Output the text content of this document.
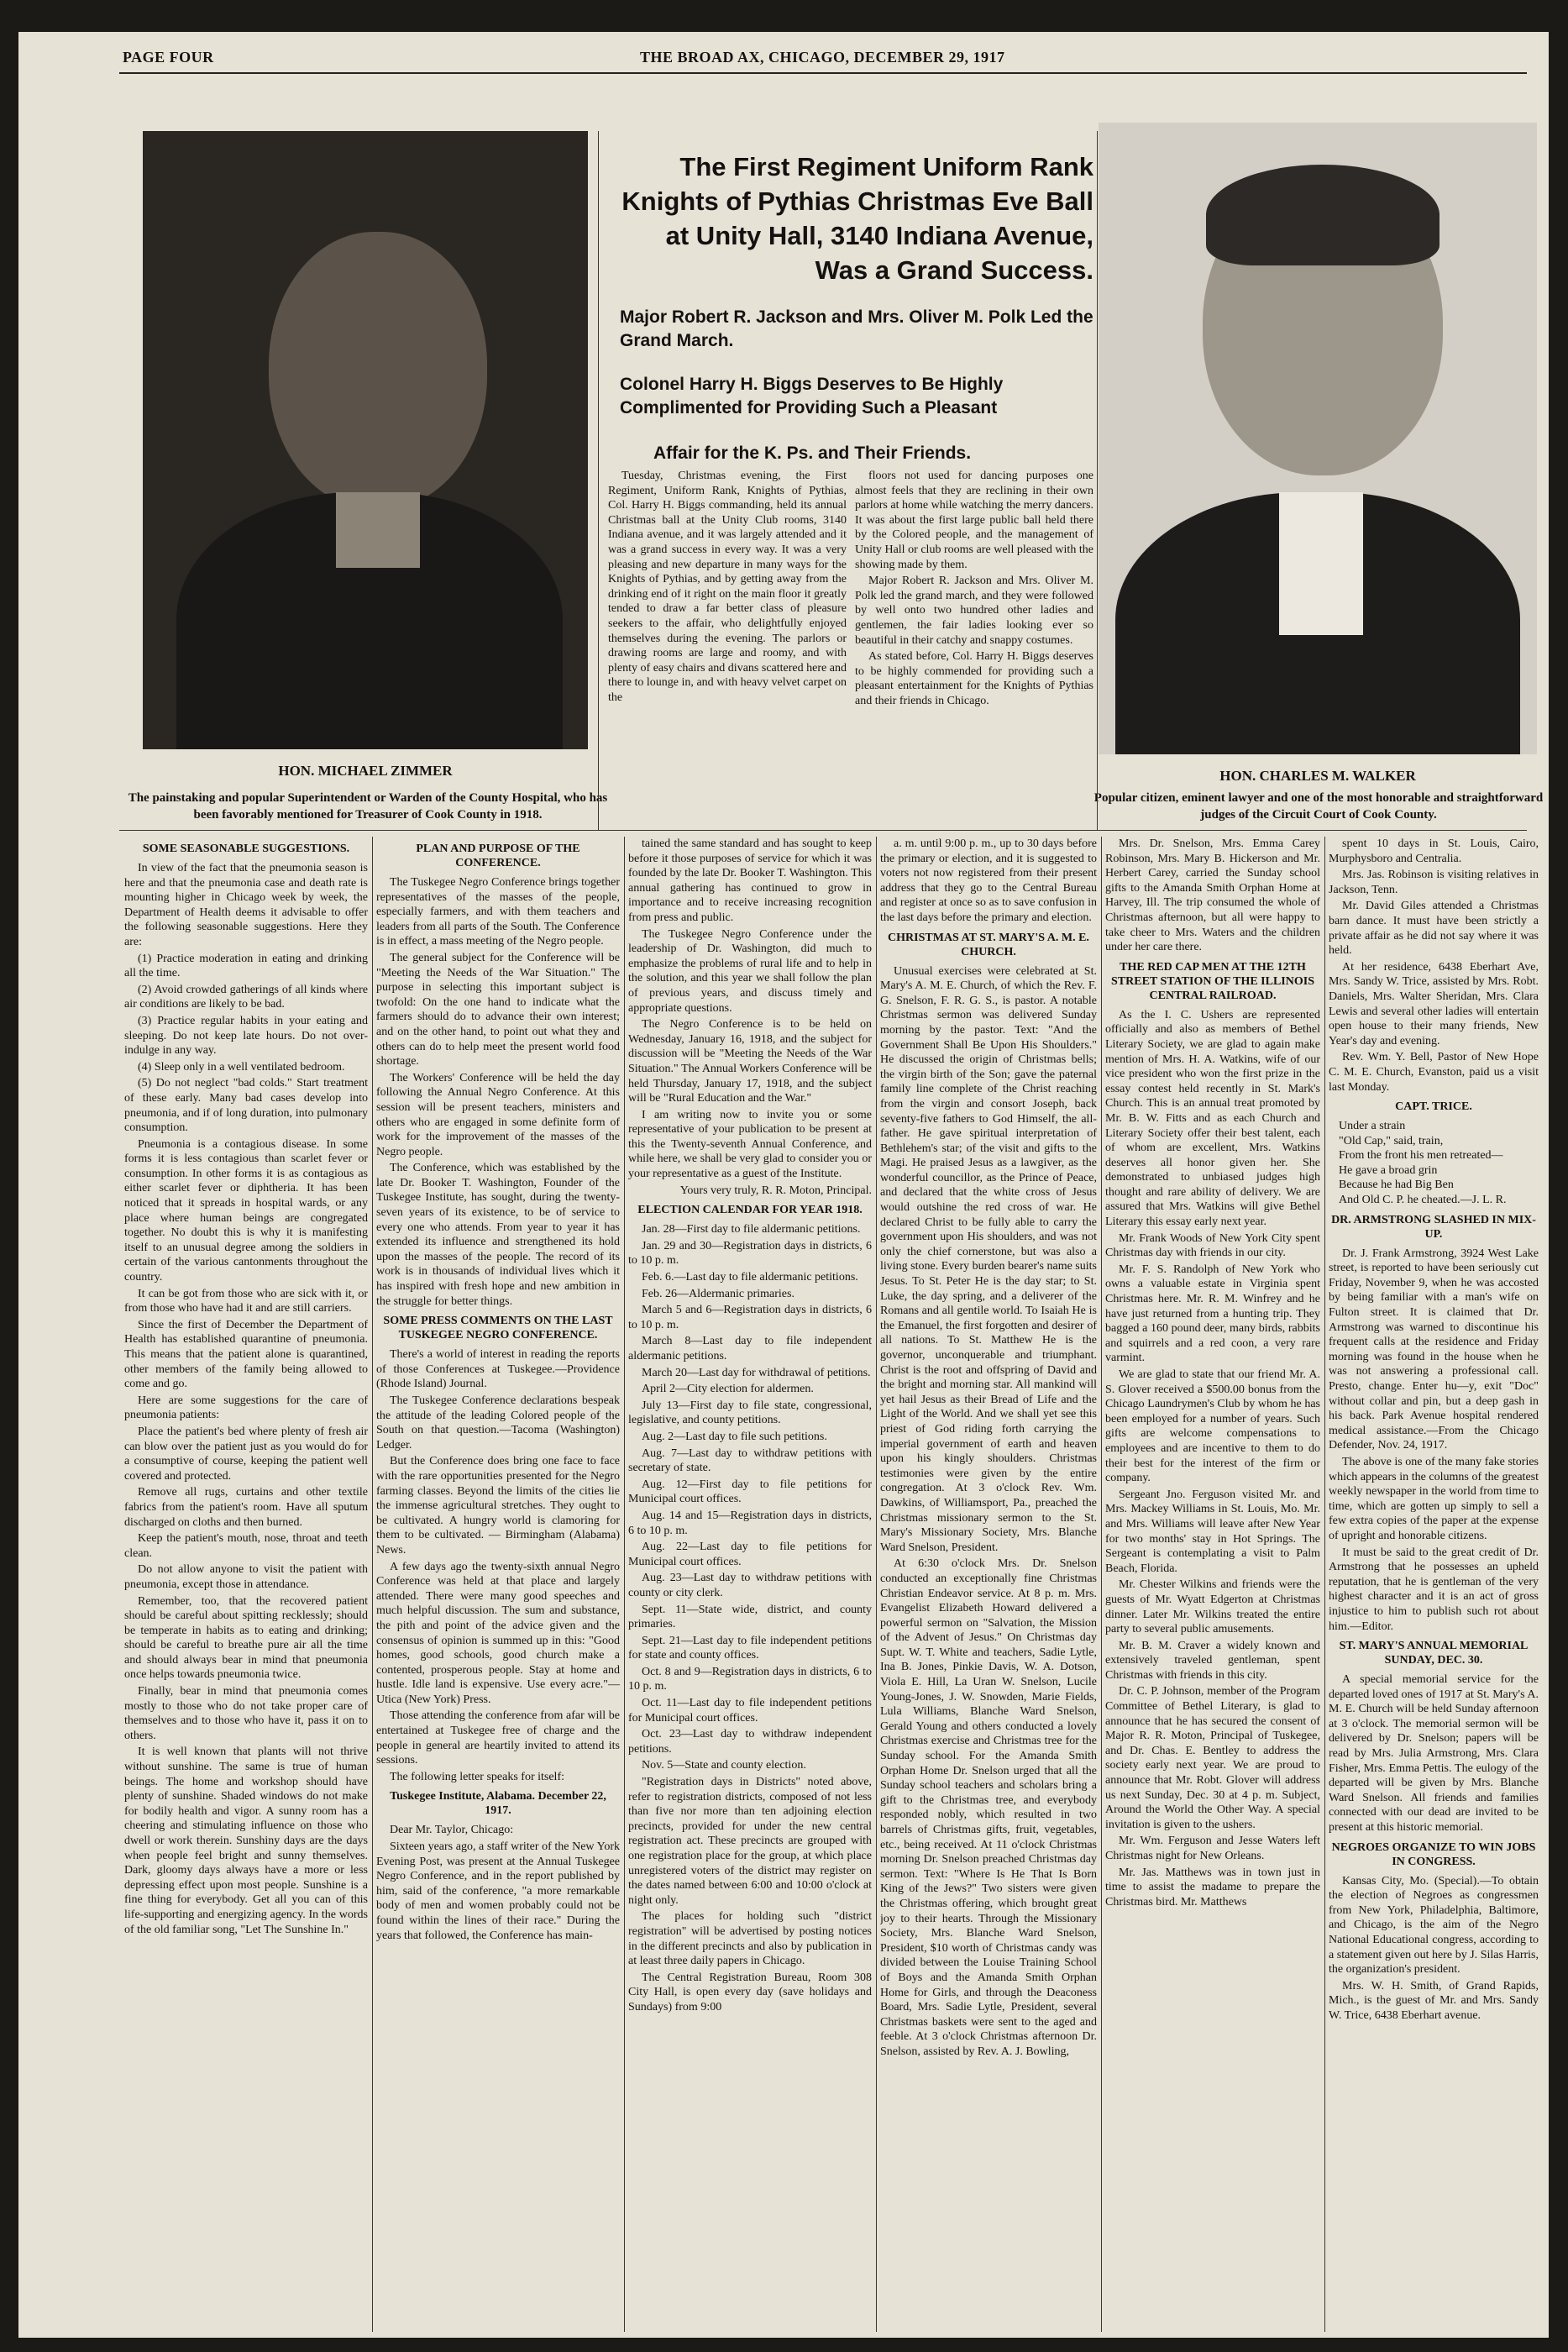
PAGE FOUR	THE BROAD AX, CHICAGO, DECEMBER 29, 1917
HON. MICHAEL ZIMMER
The painstaking and popular Superintendent or Warden of the County Hospital, who has been favorably mentioned for Treasurer of Cook County in 1918.
HON. CHARLES M. WALKER
Popular citizen, eminent lawyer and one of the most honorable and straightforward judges of the Circuit Court of Cook County.
The First Regiment Uniform Rank Knights of Pythias Christmas Eve Ball at Unity Hall, 3140 Indiana Avenue, Was a Grand Success.
Major Robert R. Jackson and Mrs. Oliver M. Polk Led the Grand March.
Colonel Harry H. Biggs Deserves to Be Highly Complimented for Providing Such a Pleasant
Affair for the K. Ps. and Their Friends.

Tuesday, Christmas evening, the First Regiment, Uniform Rank, Knights of Pythias, Col. Harry H. Biggs commanding, held its annual Christmas ball at the Unity Club rooms, 3140 Indiana avenue, and it was largely attended and it was a grand success in every way. It was a very pleasing and new departure in many ways for the Knights of Pythias, and by getting away from the drinking end of it right on the main floor it greatly tended to draw a far better class of pleasure seekers to the affair, who delightfully enjoyed themselves during the evening. The parlors or drawing rooms are large and roomy, and with plenty of easy chairs and divans scattered here and there to lounge in, and with heavy velvet carpet on the

floors not used for dancing purposes one almost feels that they are reclining in their own parlors at home while watching the merry dancers. It was about the first large public ball held there by the Colored people, and the management of Unity Hall or club rooms are well pleased with the showing made by them.

Major Robert R. Jackson and Mrs. Oliver M. Polk led the grand march, and they were followed by well onto two hundred other ladies and gentlemen, the fair ladies looking ever so beautiful in their catchy and snappy costumes.

As stated before, Col. Harry H. Biggs deserves to be highly commended for providing such a pleasant entertainment for the Knights of Pythias and their friends in Chicago.

SOME SEASONABLE SUGGESTIONS.

In view of the fact that the pneumonia season is here and that the pneumonia case and death rate is mounting higher in Chicago week by week, the Department of Health deems it advisable to offer the following seasonable suggestions. Here they are:

(1) Practice moderation in eating and drinking all the time.

(2) Avoid crowded gatherings of all kinds where air conditions are likely to be bad.

(3) Practice regular habits in your eating and sleeping. Do not keep late hours. Do not over-indulge in any way.

(4) Sleep only in a well ventilated bedroom.

(5) Do not neglect "bad colds." Start treatment of these early. Many bad cases develop into pneumonia, and if of long duration, into pulmonary consumption.

Pneumonia is a contagious disease. In some forms it is less contagious than scarlet fever or consumption. In other forms it is as contagious as either scarlet fever or diphtheria. It has been noticed that it spreads in hospital wards, or any place where human beings are congregated together. No doubt this is why it is manifesting itself to an unusual degree among the soldiers in certain of the various cantonments throughout the country.

It can be got from those who are sick with it, or from those who have had it and are still carriers.

Since the first of December the Department of Health has established quarantine of pneumonia. This means that the patient alone is quarantined, other members of the family being allowed to come and go.

Here are some suggestions for the care of pneumonia patients:

Place the patient's bed where plenty of fresh air can blow over the patient just as you would do for a consumptive of course, keeping the patient well covered and protected.

Remove all rugs, curtains and other textile fabrics from the patient's room. Have all sputum discharged on cloths and then burned.

Keep the patient's mouth, nose, throat and teeth clean.

Do not allow anyone to visit the patient with pneumonia, except those in attendance.

Remember, too, that the recovered patient should be careful about spitting recklessly; should be temperate in habits as to eating and drinking; should be careful to breathe pure air all the time and should always bear in mind that pneumonia once helps towards pneumonia twice.

Finally, bear in mind that pneumonia comes mostly to those who do not take proper care of themselves and to those who have it, pass it on to others.

It is well known that plants will not thrive without sunshine. The same is true of human beings. The home and workshop should have plenty of sunshine. Shaded windows do not make for bodily health and vigor. A sunny room has a cheering and stimulating influence on those who dwell or work therein. Sunshiny days are the days when people feel bright and sunny themselves. Dark, gloomy days always have a more or less depressing effect upon most people. Sunshine is a fine thing for everybody. Get all you can of this life-supporting and energizing agency. In the words of the old familiar song, "Let The Sunshine In."

PLAN AND PURPOSE OF THE CONFERENCE.

The Tuskegee Negro Conference brings together representatives of the masses of the people, especially farmers, and with them teachers and leaders from all parts of the South. The Conference is in effect, a mass meeting of the Negro people.

The general subject for the Conference will be "Meeting the Needs of the War Situation." The purpose in selecting this important subject is twofold: On the one hand to indicate what the farmers should do to advance their own interest; and on the other hand, to point out what they and others can do to help meet the present world food shortage.

The Workers' Conference will be held the day following the Annual Negro Conference. At this session will be present teachers, ministers and others who are engaged in some definite form of work for the improvement of the masses of the Negro people.

The Conference, which was established by the late Dr. Booker T. Washington, Founder of the Tuskegee Institute, has sought, during the twenty-seven years of its existence, to be of service to every one who attends. From year to year it has extended its influence and strengthened its hold upon the masses of the people. The record of its work is in thousands of individual lives which it has inspired with fresh hope and new ambition in the struggle for better things.

SOME PRESS COMMENTS ON THE LAST TUSKEGEE NEGRO CONFERENCE.

There's a world of interest in reading the reports of those Conferences at Tuskegee.—Providence (Rhode Island) Journal.

The Tuskegee Conference declarations bespeak the attitude of the leading Colored people of the South on that question.—Tacoma (Washington) Ledger.

But the Conference does bring one face to face with the rare opportunities presented for the Negro farming classes. Beyond the limits of the cities lie the immense agricultural stretches. They ought to be cultivated. A hungry world is clamoring for them to be cultivated. — Birmingham (Alabama) News.

A few days ago the twenty-sixth annual Negro Conference was held at that place and largely attended. There were many good speeches and much helpful discussion. The sum and substance, the pith and point of the advice given and the consensus of opinion is summed up in this: "Good homes, good schools, good church make a contented, prosperous people. Stay at home and hustle. Idle land is expensive. Use every acre."—Utica (New York) Press.

Those attending the conference from afar will be entertained at Tuskegee free of charge and the people in general are heartily invited to attend its sessions.

The following letter speaks for itself:

Tuskegee Institute, Alabama. December 22, 1917.

Dear Mr. Taylor, Chicago:

Sixteen years ago, a staff writer of the New York Evening Post, was present at the Annual Tuskegee Negro Conference, and in the report published by him, said of the conference, "a more remarkable body of men and women probably could not be found within the lines of their race." During the years that followed, the Conference has main-

tained the same standard and has sought to keep before it those purposes of service for which it was founded by the late Dr. Booker T. Washington. This annual gathering has continued to grow in importance and to receive increasing recognition from press and public.

The Tuskegee Negro Conference under the leadership of Dr. Washington, did much to emphasize the problems of rural life and to help in the solution, and this year we shall follow the plan of previous years, and discuss timely and appropriate questions.

The Negro Conference is to be held on Wednesday, January 16, 1918, and the subject for discussion will be "Meeting the Needs of the War Situation." The Annual Workers Conference will be held Thursday, January 17, 1918, and the subject will be "Rural Education and the War."

I am writing now to invite you or some representative of your publication to be present at this the Twenty-seventh Annual Conference, and while here, we shall be very glad to consider you or your representative as a guest of the Institute.

Yours very truly, R. R. Moton, Principal.

ELECTION CALENDAR FOR YEAR 1918.

Jan. 28—First day to file aldermanic petitions.

Jan. 29 and 30—Registration days in districts, 6 to 10 p. m.

Feb. 6.—Last day to file aldermanic petitions.

Feb. 26—Aldermanic primaries.

March 5 and 6—Registration days in districts, 6 to 10 p. m.

March 8—Last day to file independent aldermanic petitions.

March 20—Last day for withdrawal of petitions.

April 2—City election for aldermen.

July 13—First day to file state, congressional, legislative, and county petitions.

Aug. 2—Last day to file such petitions.

Aug. 7—Last day to withdraw petitions with secretary of state.

Aug. 12—First day to file petitions for Municipal court offices.

Aug. 14 and 15—Registration days in districts, 6 to 10 p. m.

Aug. 22—Last day to file petitions for Municipal court offices.

Aug. 23—Last day to withdraw petitions with county or city clerk.

Sept. 11—State wide, district, and county primaries.

Sept. 21—Last day to file independent petitions for state and county offices.

Oct. 8 and 9—Registration days in districts, 6 to 10 p. m.

Oct. 11—Last day to file independent petitions for Municipal court offices.

Oct. 23—Last day to withdraw independent petitions.

Nov. 5—State and county election.

"Registration days in Districts" noted above, refer to registration districts, composed of not less than five nor more than ten adjoining election precincts, provided for under the new central registration act. These precincts are grouped with one registration place for the group, at which place unregistered voters of the district may register on the dates named between 6:00 and 10:00 o'clock at night only.

The places for holding such "district registration" will be advertised by posting notices in the different precincts and also by publication in at least three daily papers in Chicago.

The Central Registration Bureau, Room 308 City Hall, is open every day (save holidays and Sundays) from 9:00

a. m. until 9:00 p. m., up to 30 days before the primary or election, and it is suggested to voters not now registered from their present address that they go to the Central Bureau and register at once so as to save confusion in the last days before the primary and election.

CHRISTMAS AT ST. MARY'S A. M. E. CHURCH.

Unusual exercises were celebrated at St. Mary's A. M. E. Church, of which the Rev. F. G. Snelson, F. R. G. S., is pastor. A notable Christmas sermon was delivered Sunday morning by the pastor. Text: "And the Government Shall Be Upon His Shoulders." He discussed the origin of Christmas bells; the virgin birth of the Son; gave the paternal family line complete of the Christ reaching from the virgin and consort Joseph, back seventy-five fathers to God Himself, the all-father. He gave spiritual interpretation of Bethlehem's star; of the visit and gifts to the Magi. He praised Jesus as a lawgiver, as the wonderful councillor, as the Prince of Peace, and declared that the white cross of Jesus would outshine the red cross of war. He declared Christ to be fully able to carry the government upon His shoulders, and was not only the chief cornerstone, but was also a living stone. Every burden bearer's name suits Jesus. To St. Peter He is the day star; to St. Luke, the day spring, and a deliverer of the Romans and all gentile world. To Isaiah He is the Emanuel, the first forgotten and desirer of all nations. To St. Matthew He is the governor, unconquerable and triumphant. Christ is the root and offspring of David and the bright and morning star. All mankind will yet hail Jesus as their Bread of Life and the Light of the World. And we shall yet see this priest of God riding forth carrying the imperial government of earth and heaven upon his kingly shoulders. Christmas testimonies were given by the entire congregation. At 3 o'clock Rev. Wm. Dawkins, of Williamsport, Pa., preached the Christmas missionary sermon to the St. Mary's Missionary Society, Mrs. Blanche Ward Snelson, President.

At 6:30 o'clock Mrs. Dr. Snelson conducted an exceptionally fine Christmas Christian Endeavor service. At 8 p. m. Mrs. Evangelist Elizabeth Howard delivered a powerful sermon on "Salvation, the Mission of the Advent of Jesus." On Christmas day Supt. W. T. White and teachers, Sadie Lytle, Ina B. Jones, Pinkie Davis, W. A. Dotson, Viola E. Hill, La Uran W. Snelson, Lucile Young-Jones, J. W. Snowden, Marie Fields, Lula Williams, Blanche Ward Snelson, Gerald Young and others conducted a lovely Christmas exercise and Christmas tree for the Sunday school. For the Amanda Smith Orphan Home Dr. Snelson urged that all the Sunday school teachers and scholars bring a gift to the Christmas tree, and everybody responded nobly, which resulted in two barrels of Christmas gifts, fruit, vegetables, etc., being received. At 11 o'clock Christmas morning Dr. Snelson preached Christmas day sermon. Text: "Where Is He That Is Born King of the Jews?" Two sisters were given the Christmas offering, which brought great joy to their hearts. Through the Missionary Society, Mrs. Blanche Ward Snelson, President, $10 worth of Christmas candy was divided between the Louise Training School of Boys and the Amanda Smith Orphan Home for Girls, and through the Deaconess Board, Mrs. Sadie Lytle, President, several Christmas baskets were sent to the aged and feeble. At 3 o'clock Christmas afternoon Dr. Snelson, assisted by Rev. A. J. Bowling,

Mrs. Dr. Snelson, Mrs. Emma Carey Robinson, Mrs. Mary B. Hickerson and Mr. Herbert Carey, carried the Sunday school gifts to the Amanda Smith Orphan Home at Harvey, Ill. The trip consumed the whole of Christmas afternoon, but all were happy to take cheer to Mrs. Waters and the children under her care there.

THE RED CAP MEN AT THE 12TH STREET STATION OF THE ILLINOIS CENTRAL RAILROAD.

As the I. C. Ushers are represented officially and also as members of Bethel Literary Society, we are glad to again make mention of Mrs. H. A. Watkins, wife of our vice president who won the first prize in the essay contest held recently in St. Mark's Church. This is an annual treat promoted by Mr. B. W. Fitts and as each Church and Literary Society offer their best talent, each of whom are excellent, Mrs. Watkins deserves all honor given her. She demonstrated to unbiased judges high thought and rare ability of delivery. We are assured that Mrs. Watkins will give Bethel Literary this essay early next year.

Mr. Frank Woods of New York City spent Christmas day with friends in our city.

Mr. F. S. Randolph of New York who owns a valuable estate in Virginia spent Christmas here. Mr. R. M. Winfrey and he have just returned from a hunting trip. They bagged a 160 pound deer, many birds, rabbits and squirrels and a red coon, a very rare varmint.

We are glad to state that our friend Mr. A. S. Glover received a $500.00 bonus from the Chicago Laundrymen's Club by whom he has been employed for a number of years. Such gifts are welcome compensations to employees and are incentive to them to do their best for the interest of the firm or company.

Sergeant Jno. Ferguson visited Mr. and Mrs. Mackey Williams in St. Louis, Mo. Mr. and Mrs. Williams will leave after New Year for two months' stay in Hot Springs. The Sergeant is contemplating a visit to Palm Beach, Florida.

Mr. Chester Wilkins and friends were the guests of Mr. Wyatt Edgerton at Christmas dinner. Later Mr. Wilkins treated the entire party to several public amusements.

Mr. B. M. Craver a widely known and extensively traveled gentleman, spent Christmas with friends in this city.

Dr. C. P. Johnson, member of the Program Committee of Bethel Literary, is glad to announce that he has secured the consent of Major R. R. Moton, Principal of Tuskegee, and Dr. Chas. E. Bentley to address the society early next year. We are proud to announce that Mr. Robt. Glover will address us next Sunday, Dec. 30 at 4 p. m. Subject, Around the World the Other Way. A special invitation is given to the ushers.

Mr. Wm. Ferguson and Jesse Waters left Christmas night for New Orleans.

Mr. Jas. Matthews was in town just in time to assist the madame to prepare the Christmas bird. Mr. Matthews

spent 10 days in St. Louis, Cairo, Murphysboro and Centralia.

Mrs. Jas. Robinson is visiting relatives in Jackson, Tenn.

Mr. David Giles attended a Christmas barn dance. It must have been strictly a private affair as he did not say where it was held.

At her residence, 6438 Eberhart Ave, Mrs. Sandy W. Trice, assisted by Mrs. Robt. Daniels, Mrs. Walter Sheridan, Mrs. Clara Lewis and several other ladies will entertain open house to their many friends, New Year's day and evening.

Rev. Wm. Y. Bell, Pastor of New Hope C. M. E. Church, Evanston, paid us a visit last Monday.

CAPT. TRICE.

Under a strain

"Old Cap," said, train,

From the front his men retreated—

He gave a broad grin

Because he had Big Ben

And Old C. P. he cheated.—J. L. R.

DR. ARMSTRONG SLASHED IN MIX-UP.

Dr. J. Frank Armstrong, 3924 West Lake street, is reported to have been seriously cut Friday, November 9, when he was accosted by being familiar with a man's wife on Fulton street. It is claimed that Dr. Armstrong was warned to discontinue his frequent calls at the residence and Friday morning was found in the house when he was not answering a professional call. Presto, change. Enter hu—y, exit "Doc" without collar and pin, but a deep gash in his back. Park Avenue hospital rendered medical assistance.—From the Chicago Defender, Nov. 24, 1917.

The above is one of the many fake stories which appears in the columns of the greatest weekly newspaper in the world from time to time, which are gotten up simply to sell a few extra copies of the paper at the expense of upright and honorable citizens.

It must be said to the great credit of Dr. Armstrong that he possesses an upheld reputation, that he is gentleman of the very highest character and it is an act of gross injustice to him to publish such rot about him.—Editor.

ST. MARY'S ANNUAL MEMORIAL SUNDAY, DEC. 30.

A special memorial service for the departed loved ones of 1917 at St. Mary's A. M. E. Church will be held Sunday afternoon at 3 o'clock. The memorial sermon will be delivered by Dr. Snelson; papers will be read by Mrs. Julia Armstrong, Mrs. Clara Fisher, Mrs. Emma Pettis. The eulogy of the departed will be given by Mrs. Blanche Ward Snelson. All friends and families connected with our dead are invited to be present at this historic memorial.

NEGROES ORGANIZE TO WIN JOBS IN CONGRESS.

Kansas City, Mo. (Special).—To obtain the election of Negroes as congressmen from New York, Philadelphia, Baltimore, and Chicago, is the aim of the Negro National Educational congress, according to a statement given out here by J. Silas Harris, the organization's president.

Mrs. W. H. Smith, of Grand Rapids, Mich., is the guest of Mr. and Mrs. Sandy W. Trice, 6438 Eberhart avenue.
